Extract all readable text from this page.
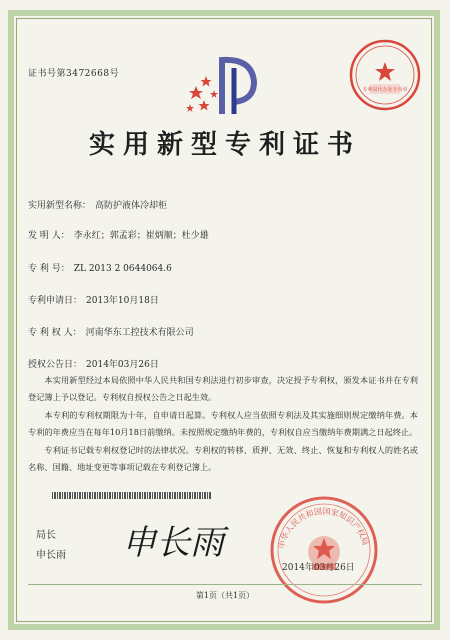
证书号第3472668号
专利局代办处专用章
实用新型专利证书
实用新型名称： 高防护液体冷却柜
发 明 人： 李永红；郭孟彩；崔炳顺；杜少雄
专 利 号： ZL 2013 2 0644064.6
专利申请日： 2013年10月18日
专 利 权 人： 河南华东工控技术有限公司
授权公告日： 2014年03月26日

本实用新型经过本局依照中华人民共和国专利法进行初步审查，决定授予专利权，颁发本证书并在专利登记簿上予以登记。专利权自授权公告之日起生效。

本专利的专利权期限为十年，自申请日起算。专利权人应当依照专利法及其实施细则规定缴纳年费。本专利的年费应当在每年10月18日前缴纳。未按照规定缴纳年费的，专利权自应当缴纳年费期满之日起终止。

专利证书记载专利权登记时的法律状况。专利权的转移、质押、无效、终止、恢复和专利权人的姓名或名称、国籍、地址变更等事项记载在专利登记簿上。

局长
申长雨 申长雨	中华人民共和国国家知识产权局
2014年03月26日
第1页（共1页）
